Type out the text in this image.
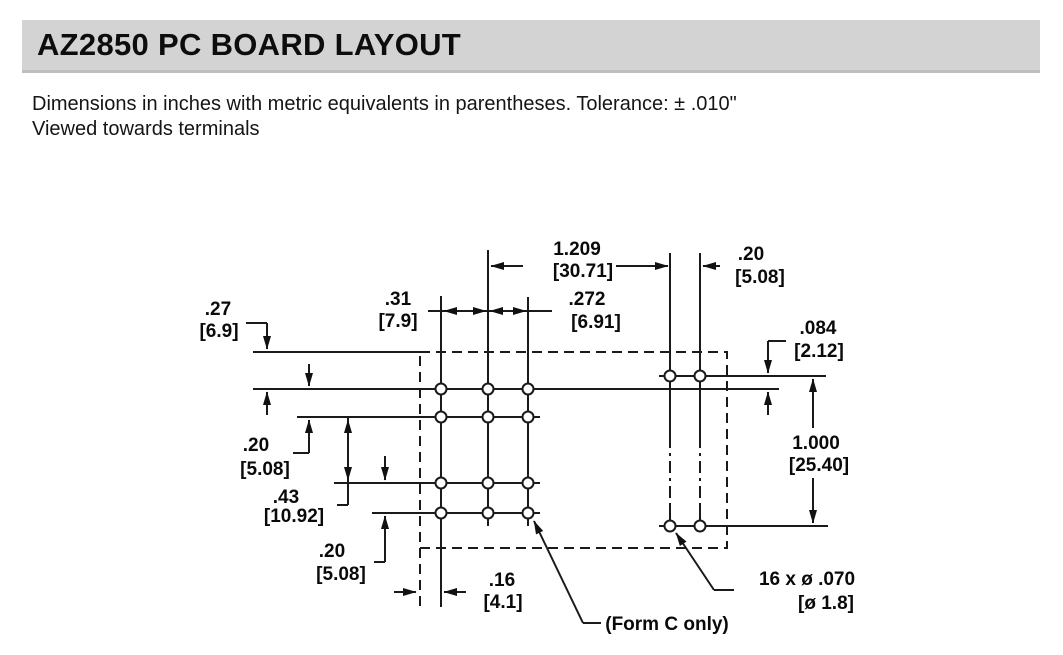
AZ2850 PC BOARD LAYOUT
Dimensions in inches with metric equivalents in parentheses. Tolerance: ± .010"
Viewed towards terminals
1.209
[30.71]
.20
[5.08]
.31
[7.9]
.272
[6.91]
.27
[6.9]
.20
[5.08]
.43
[10.92]
.20
[5.08]
.084
[2.12]
1.000
[25.40]
.16
[4.1]
(Form C only)
16 x ø .070
[ø 1.8]
